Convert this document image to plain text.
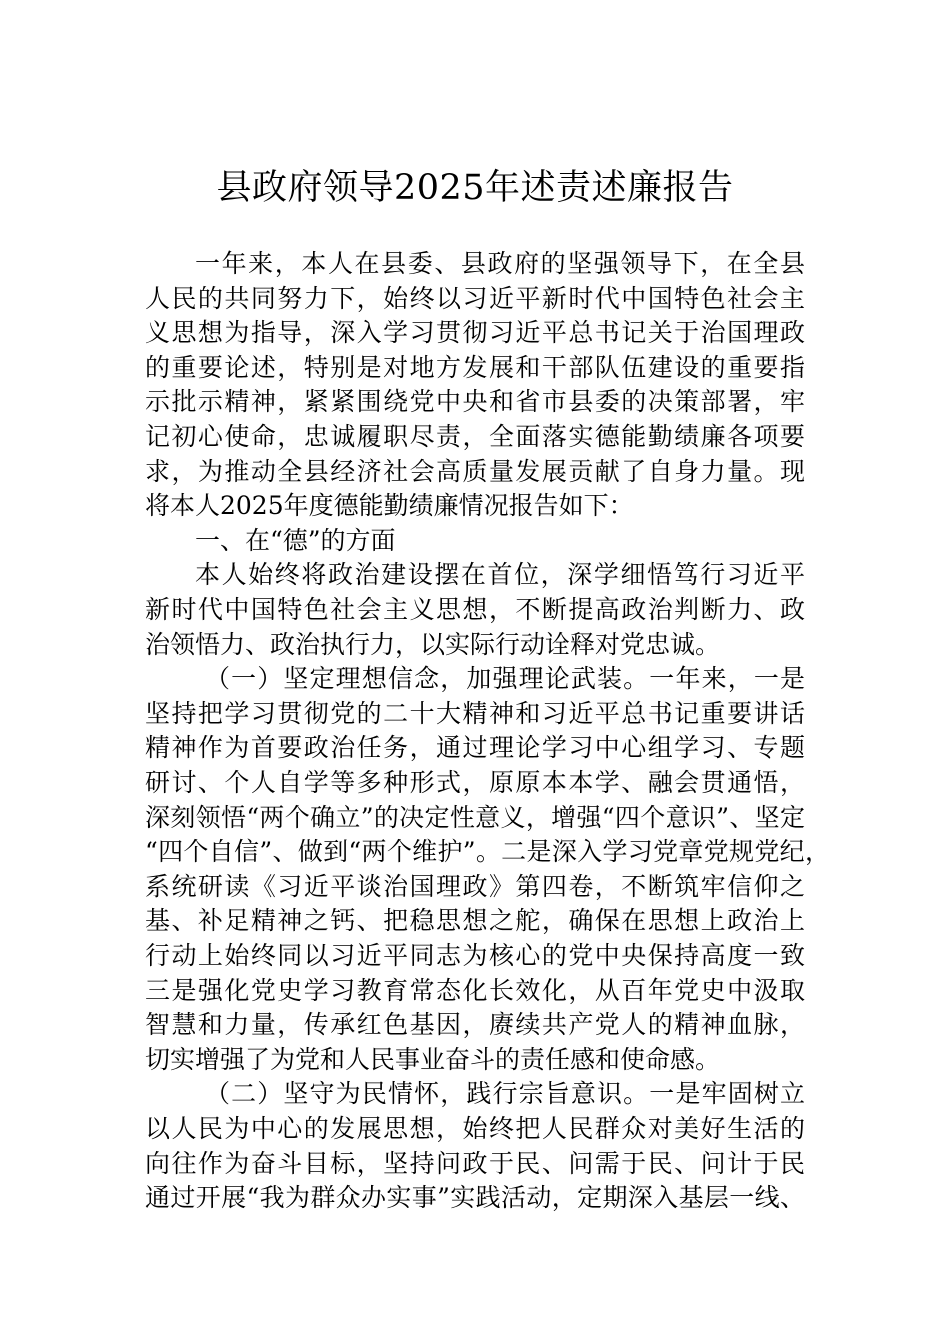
县政府领导2025年述责述廉报告
一年来，本人在县委、县政府的坚强领导下，在全县
人民的共同努力下，始终以习近平新时代中国特色社会主
义思想为指导，深入学习贯彻习近平总书记关于治国理政
的重要论述，特别是对地方发展和干部队伍建设的重要指
示批示精神，紧紧围绕党中央和省市县委的决策部署，牢
记初心使命，忠诚履职尽责，全面落实德能勤绩廉各项要
求，为推动全县经济社会高质量发展贡献了自身力量。现
将本人2025年度德能勤绩廉情况报告如下：
一、在“德”的方面
本人始终将政治建设摆在首位，深学细悟笃行习近平
新时代中国特色社会主义思想，不断提高政治判断力、政
治领悟力、政治执行力，以实际行动诠释对党忠诚。
（一）坚定理想信念，加强理论武装。一年来，一是
坚持把学习贯彻党的二十大精神和习近平总书记重要讲话
精神作为首要政治任务，通过理论学习中心组学习、专题
研讨、个人自学等多种形式，原原本本学、融会贯通悟，
深刻领悟“两个确立”的决定性意义，增强“四个意识”、坚定
“四个自信”、做到“两个维护”。二是深入学习党章党规党纪，
系统研读《习近平谈治国理政》第四卷，不断筑牢信仰之
基、补足精神之钙、把稳思想之舵，确保在思想上政治上
行动上始终同以习近平同志为核心的党中央保持高度一致
三是强化党史学习教育常态化长效化，从百年党史中汲取
智慧和力量，传承红色基因，赓续共产党人的精神血脉，
切实增强了为党和人民事业奋斗的责任感和使命感。
（二）坚守为民情怀，践行宗旨意识。一是牢固树立
以人民为中心的发展思想，始终把人民群众对美好生活的
向往作为奋斗目标，坚持问政于民、问需于民、问计于民
通过开展“我为群众办实事”实践活动，定期深入基层一线、
